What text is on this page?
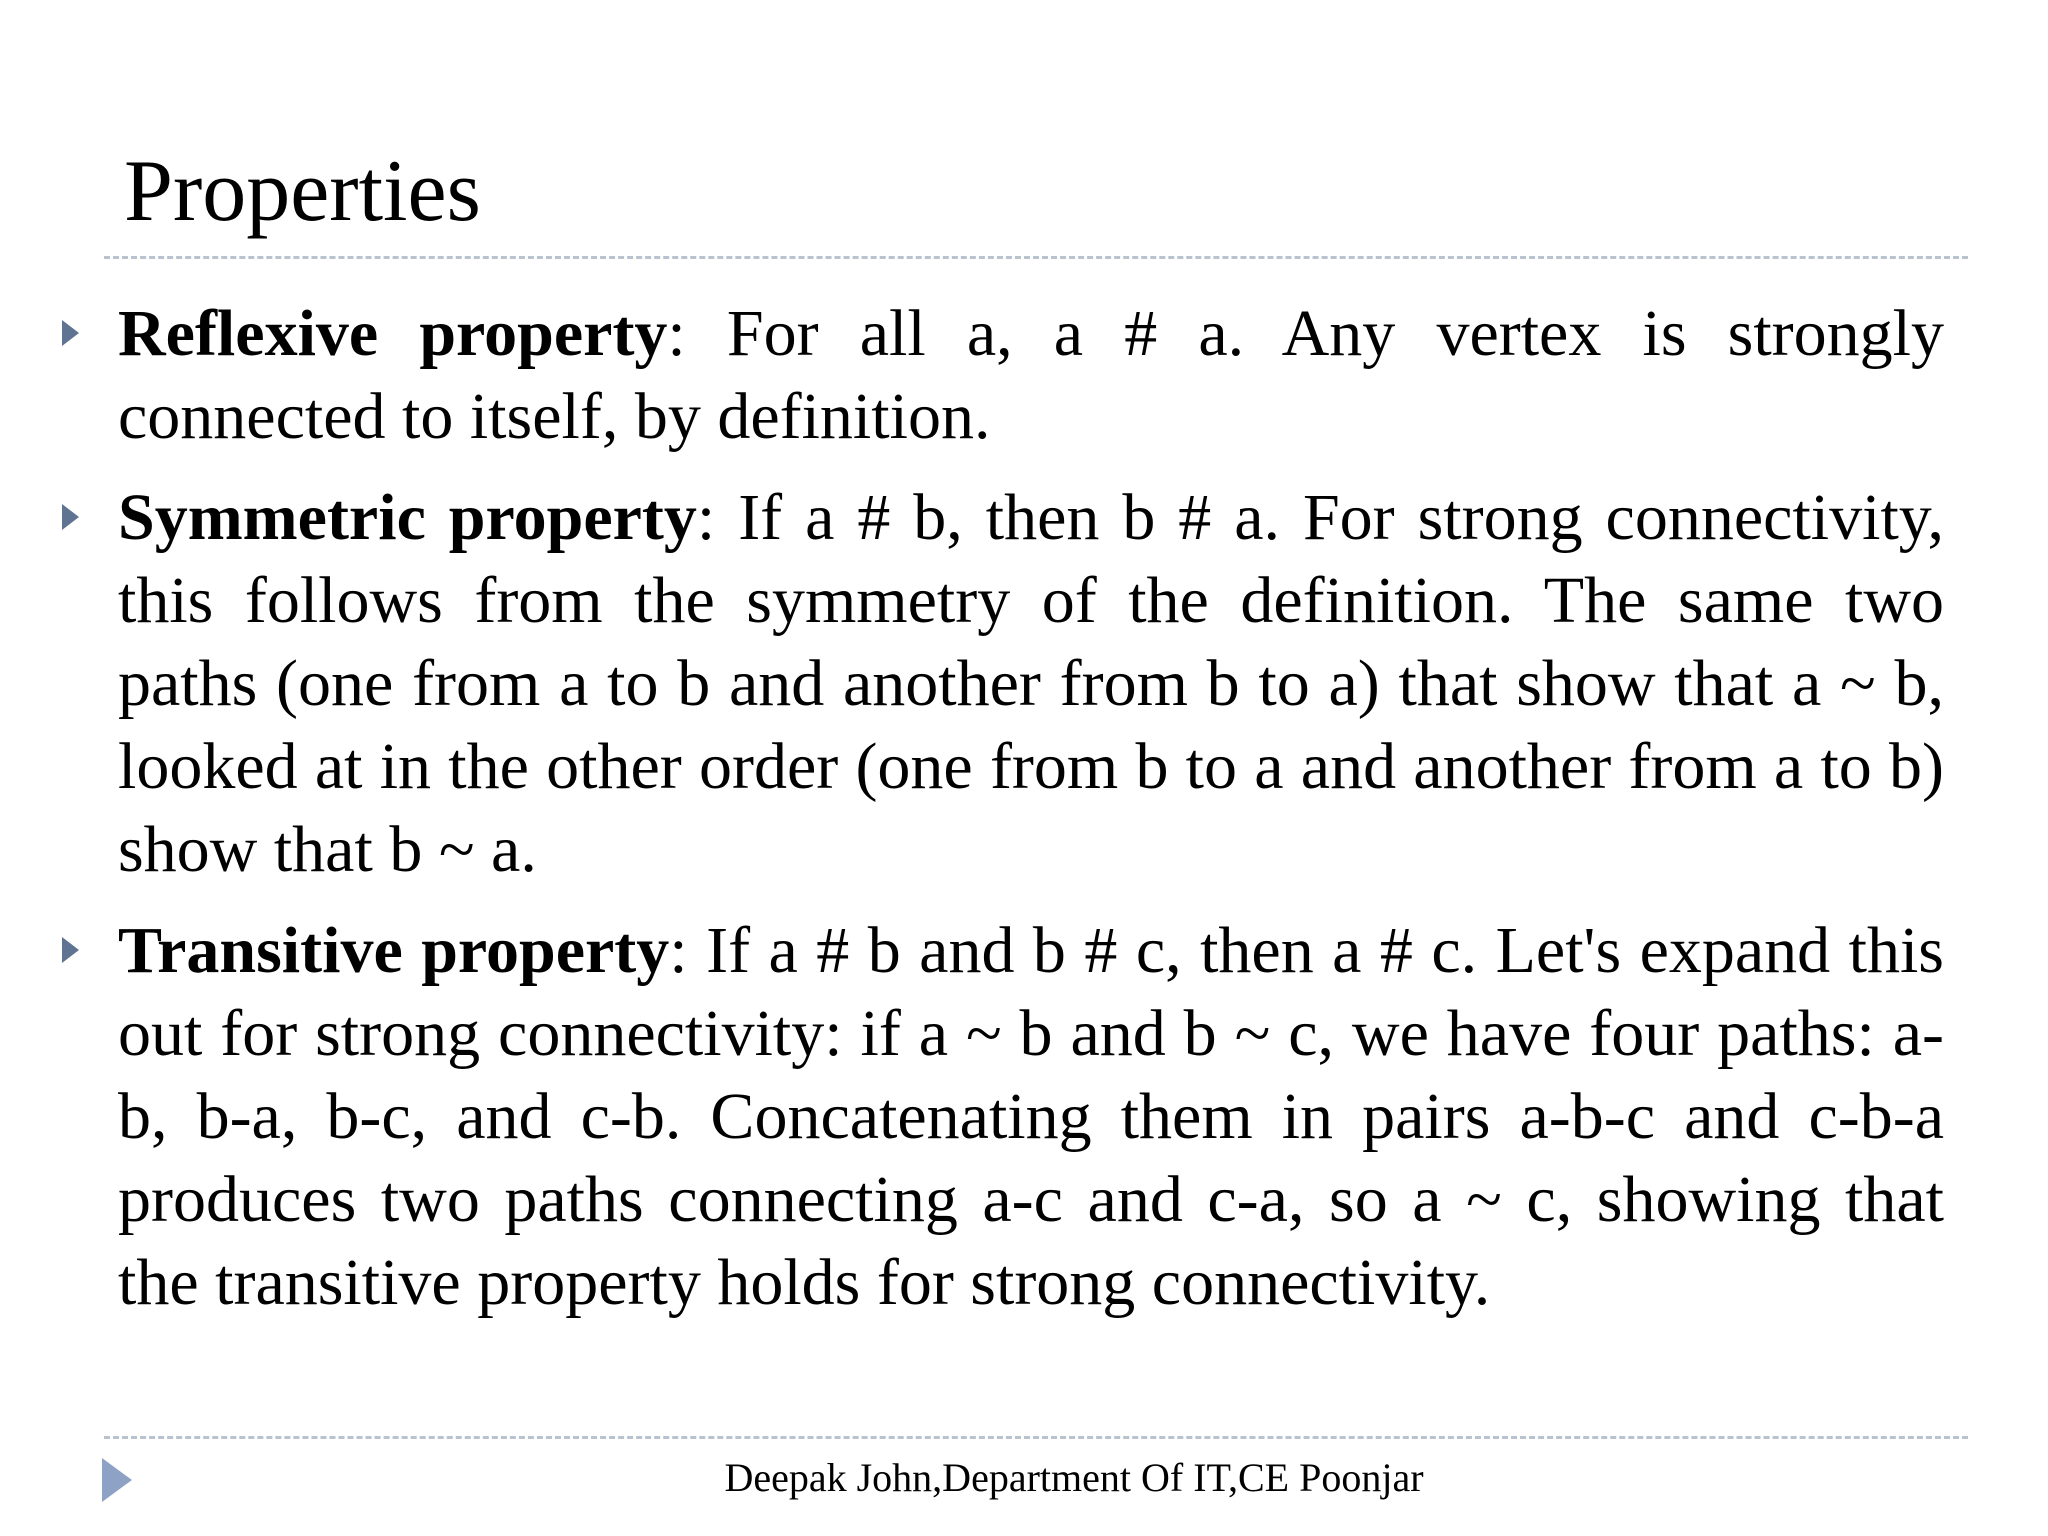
Properties
Reflexive property: For all a, a # a. Any vertex is strongly connected to itself, by definition.
Symmetric property: If a # b, then b # a. For strong connectivity, this follows from the symmetry of the definition. The same two paths (one from a to b and another from b to a) that show that a ~ b, looked at in the other order (one from b to a and another from a to b) show that b ~ a.
Transitive property: If a # b and b # c, then a # c. Let's expand this out for strong connectivity: if a ~ b and b ~ c, we have four paths: a-b, b-a, b-c, and c-b. Concatenating them in pairs a-b-c and c-b-a produces two paths connecting a-c and c-a, so a ~ c, showing that the transitive property holds for strong connectivity.
Deepak John,Department Of IT,CE Poonjar
